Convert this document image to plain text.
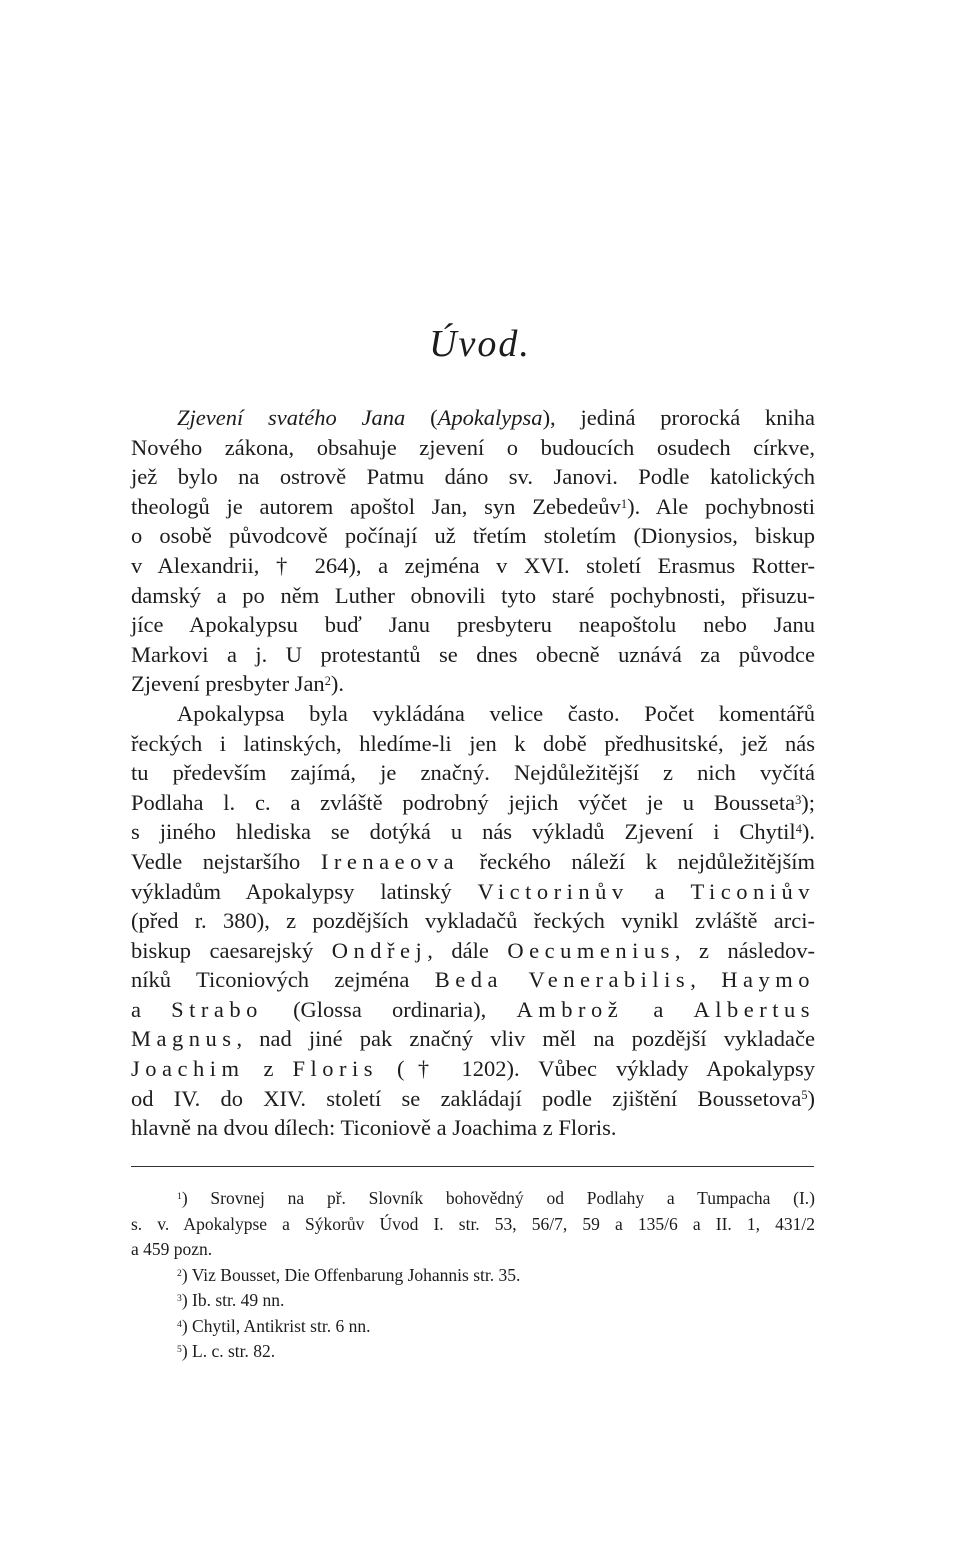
Úvod.
Zjevení svatého Jana (Apokalypsa), jediná prorocká kniha
Nového zákona, obsahuje zjevení o budoucích osudech církve,
jež bylo na ostrově Patmu dáno sv. Janovi. Podle katolických
theologů je autorem apoštol Jan, syn Zebedeův$^1$). Ale pochybnosti
o osobě původcově počínají už třetím stoletím (Dionysios, biskup
v Alexandrii, † 264), a zejména v XVI. století Erasmus Rotter-
damský a po něm Luther obnovili tyto staré pochybnosti, přisuzu-
jíce Apokalypsu buď Janu presbyteru neapoštolu nebo Janu
Markovi a j. U protestantů se dnes obecně uznává za původce
Zjevení presbyter Jan$^2$).
Apokalypsa byla vykládána velice často. Počet komentářů
řeckých i latinských, hledíme-li jen k době předhusitské, jež nás
tu především zajímá, je značný. Nejdůležitější z nich vyčítá
Podlaha l. c. a zvláště podrobný jejich výčet je u Bousseta$^3$);
s jiného hlediska se dotýká u nás výkladů Zjevení i Chytil$^4$).
Vedle nejstaršího Irenaeova řeckého náleží k nejdůležitějším
výkladům Apokalypsy latinský Victorinův a Ticoniův
(před r. 380), z pozdějších vykladačů řeckých vynikl zvláště arci-
biskup caesarejský Ondřej, dále Oecumenius, z následov-
níků Ticoniových zejména Beda Venerabilis, Haymo
a Strabo (Glossa ordinaria), Ambrož a Albertus
Magnus, nad jiné pak značný vliv měl na pozdější vykladače
Joachim z Floris († 1202). Vůbec výklady Apokalypsy
od IV. do XIV. století se zakládají podle zjištění Boussetova$^5$)
hlavně na dvou dílech: Ticoniově a Joachima z Floris.
$^1$) Srovnej na př. Slovník bohovědný od Podlahy a Tumpacha (I.)
s. v. Apokalypse a Sýkorův Úvod I. str. 53, 56/7, 59 a 135/6 a II. 1, 431/2
a 459 pozn.
$^2$) Viz Bousset, Die Offenbarung Johannis str. 35.
$^3$) Ib. str. 49 nn.
$^4$) Chytil, Antikrist str. 6 nn.
$^5$) L. c. str. 82.
